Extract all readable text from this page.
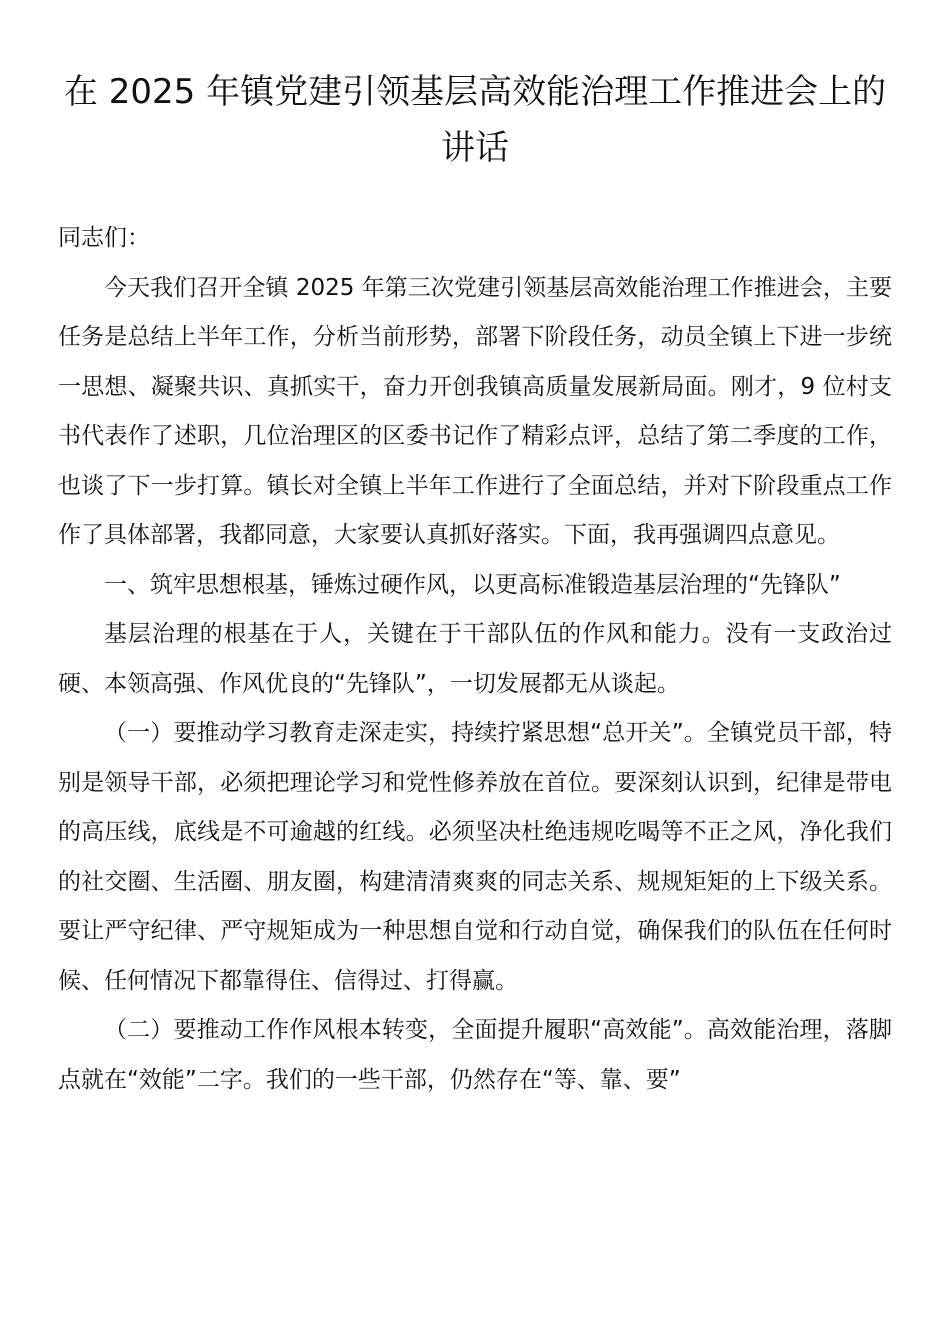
在 2025 年镇党建引领基层高效能治理工作推进会上的讲话

同志们：

今天我们召开全镇 2025 年第三次党建引领基层高效能治理工作推进会，主要任务是总结上半年工作，分析当前形势，部署下阶段任务，动员全镇上下进一步统一思想、凝聚共识、真抓实干，奋力开创我镇高质量发展新局面。刚才，9 位村支书代表作了述职，几位治理区的区委书记作了精彩点评，总结了第二季度的工作，也谈了下一步打算。镇长对全镇上半年工作进行了全面总结，并对下阶段重点工作作了具体部署，我都同意，大家要认真抓好落实。下面，我再强调四点意见。

一、筑牢思想根基，锤炼过硬作风，以更高标准锻造基层治理的“先锋队”

基层治理的根基在于人，关键在于干部队伍的作风和能力。没有一支政治过硬、本领高强、作风优良的“先锋队”，一切发展都无从谈起。

（一）要推动学习教育走深走实，持续拧紧思想“总开关”。全镇党员干部，特别是领导干部，必须把理论学习和党性修养放在首位。要深刻认识到，纪律是带电的高压线，底线是不可逾越的红线。必须坚决杜绝违规吃喝等不正之风，净化我们的社交圈、生活圈、朋友圈，构建清清爽爽的同志关系、规规矩矩的上下级关系。要让严守纪律、严守规矩成为一种思想自觉和行动自觉，确保我们的队伍在任何时候、任何情况下都靠得住、信得过、打得赢。

（二）要推动工作作风根本转变，全面提升履职“高效能”。高效能治理，落脚点就在“效能”二字。我们的一些干部，仍然存在“等、靠、要”
